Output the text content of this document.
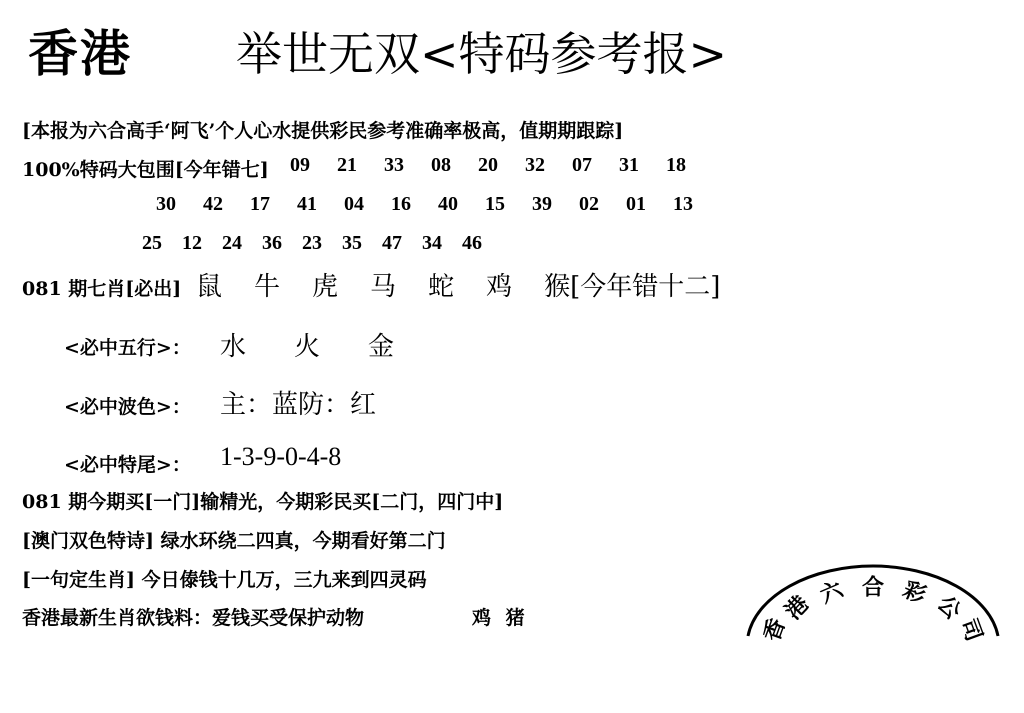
香港 举世无双<特码参考报>
[本报为六合高手‘阿飞’个人心水提供彩民参考准确率极高，值期期跟踪]
100%特码大包围[今年错七] 09 21 33 08 20 32 07 31 18
30 42 17 41 04 16 40 15 39 02 01 13
25 12 24 36 23 35 47 34 46
081 期七肖[必出] 鼠 牛 虎 马 蛇 鸡 猴[今年错十二]
<必中五行>： 水 火 金
<必中波色>： 主：蓝防：红
<必中特尾>： 1-3-9-0-4-8
081 期今期买[一门]输精光，今期彩民买[二门，四门中]
[澳门双色特诗] 绿水环绕二四真，今期看好第二门
[一句定生肖] 今日傣钱十几万，三九来到四灵码
香港最新生肖欲钱料：爱钱买受保护动物	鸡 猪	香
港 六 合 彩 公
司
